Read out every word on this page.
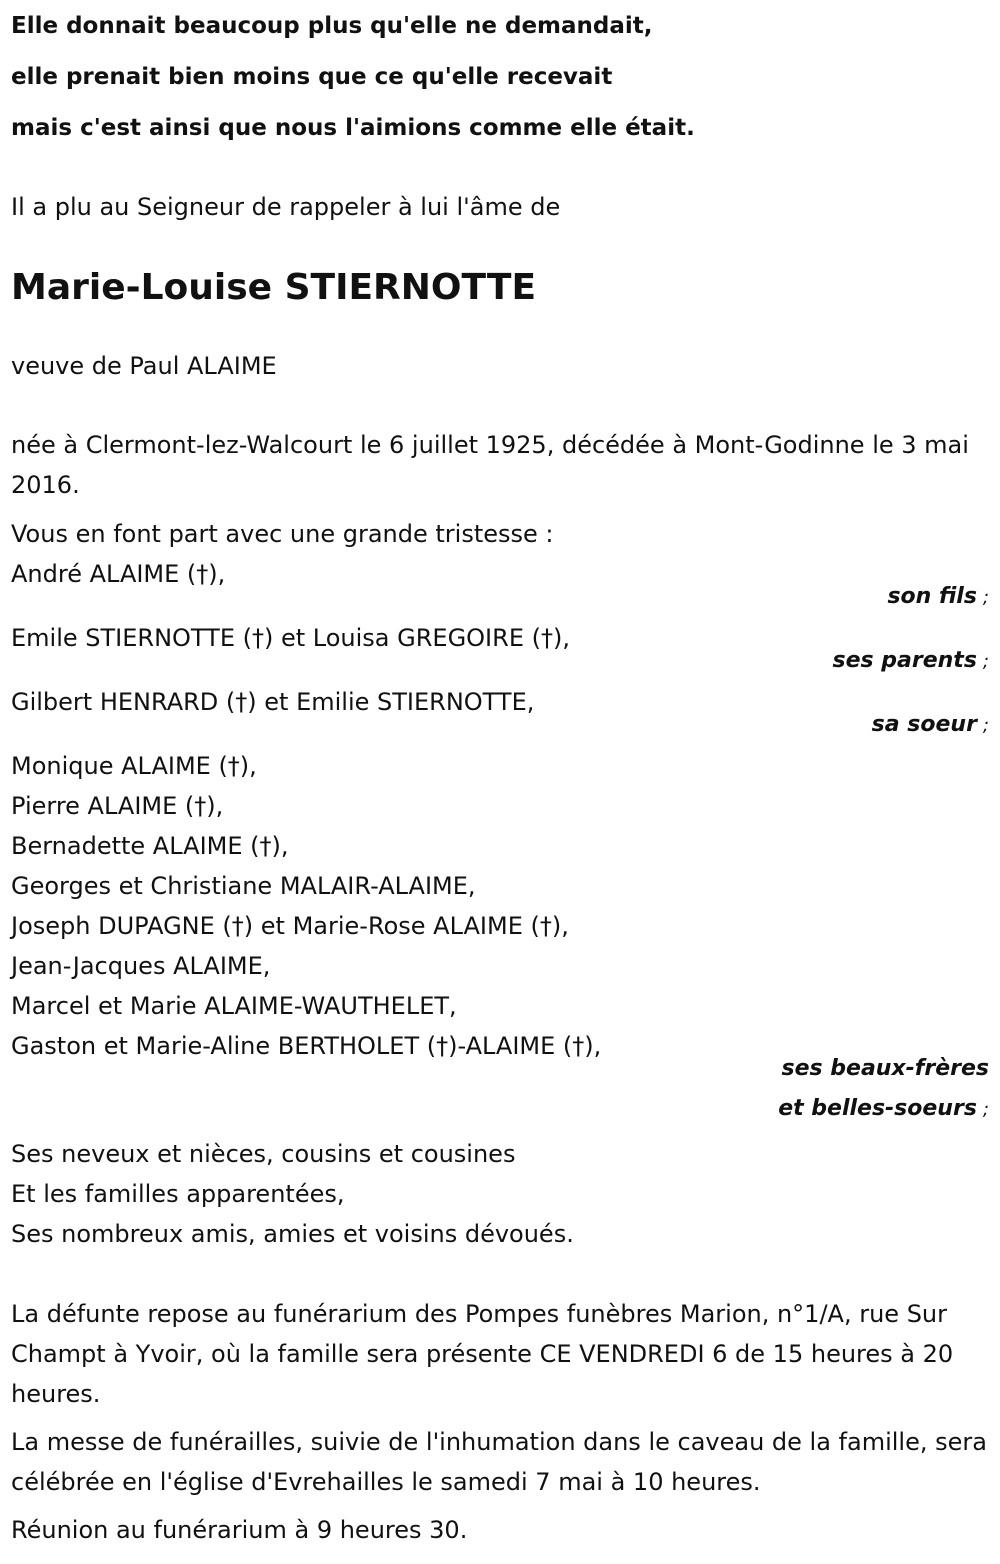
Elle donnait beaucoup plus qu'elle ne demandait,
elle prenait bien moins que ce qu'elle recevait
mais c'est ainsi que nous l'aimions comme elle était.
Il a plu au Seigneur de rappeler à lui l'âme de
Marie-Louise STIERNOTTE
veuve de Paul ALAIME
née à Clermont-lez-Walcourt le 6 juillet 1925, décédée à Mont-Godinne le 3 mai 2016.
Vous en font part avec une grande tristesse :
André ALAIME (†),
son fils ;
Emile STIERNOTTE (†) et Louisa GREGOIRE (†),
ses parents ;
Gilbert HENRARD (†) et Emilie STIERNOTTE,
sa soeur ;
Monique ALAIME (†),
Pierre ALAIME (†),
Bernadette ALAIME (†),
Georges et Christiane MALAIR-ALAIME,
Joseph DUPAGNE (†) et Marie-Rose ALAIME (†),
Jean-Jacques ALAIME,
Marcel et Marie ALAIME-WAUTHELET,
Gaston et Marie-Aline BERTHOLET (†)-ALAIME (†),
ses beaux-frères
et belles-soeurs ;
Ses neveux et nièces, cousins et cousines
Et les familles apparentées,
Ses nombreux amis, amies et voisins dévoués.
La défunte repose au funérarium des Pompes funèbres Marion, n°1/A, rue Sur Champt à Yvoir, où la famille sera présente CE VENDREDI 6 de 15 heures à 20 heures.
La messe de funérailles, suivie de l'inhumation dans le caveau de la famille, sera célébrée en l'église d'Evrehailles le samedi 7 mai à 10 heures.
Réunion au funérarium à 9 heures 30.
